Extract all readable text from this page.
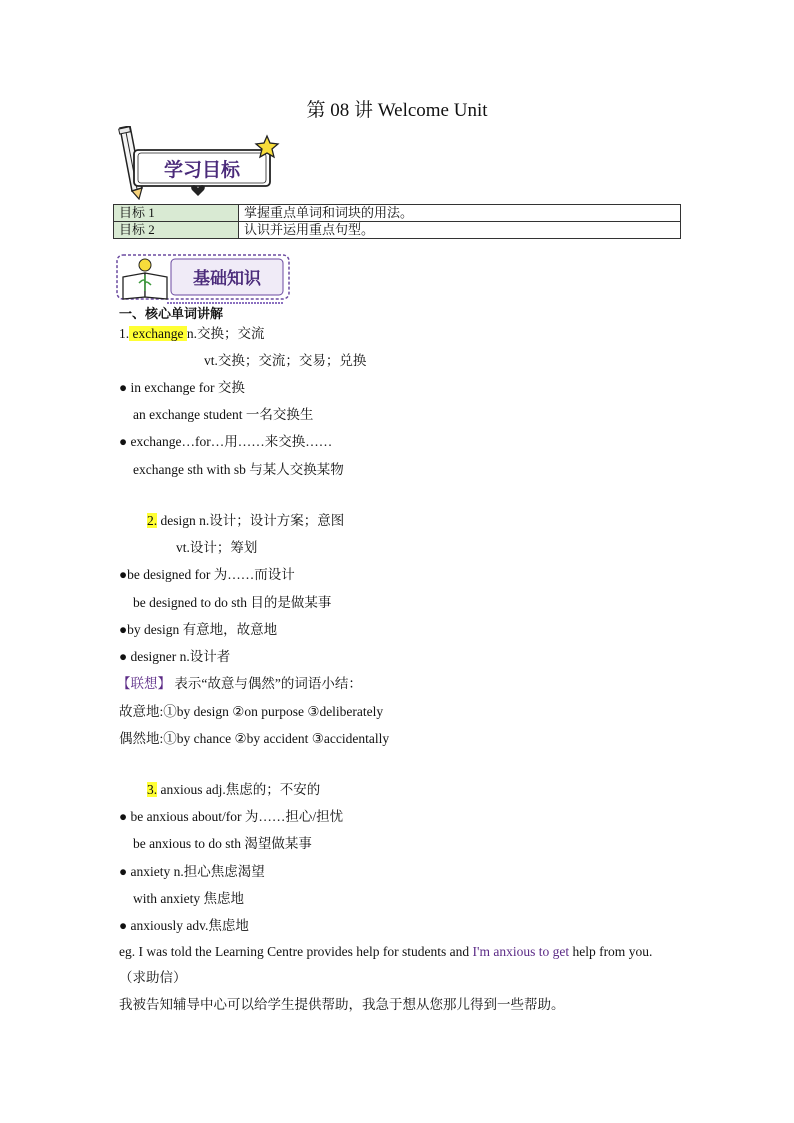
第 08 讲 Welcome Unit
学习目标
目标 1	掌握重点单词和词块的用法。
目标 2	认识并运用重点句型。
基础知识
一、核心单词讲解
1. exchange n.交换；交流
vt.交换；交流；交易；兑换
● in exchange for 交换
an exchange student 一名交换生
● exchange…for…用……来交换……
exchange sth with sb 与某人交换某物
2. design n.设计；设计方案；意图
vt.设计；筹划
●be designed for 为……而设计
be designed to do sth 目的是做某事
●by design 有意地，故意地
● designer n.设计者
【联想】 表示“故意与偶然”的词语小结：
故意地:①by design ②on purpose ③deliberately
偶然地:①by chance ②by accident ③accidentally
3. anxious adj.焦虑的；不安的
● be anxious about/for 为……担心/担忧
be anxious to do sth 渴望做某事
● anxiety n.担心焦虑渴望
with anxiety 焦虑地
● anxiously adv.焦虑地
eg. I was told the Learning Centre provides help for students and I'm anxious to get help from you.
（求助信）
我被告知辅导中心可以给学生提供帮助，我急于想从您那儿得到一些帮助。
